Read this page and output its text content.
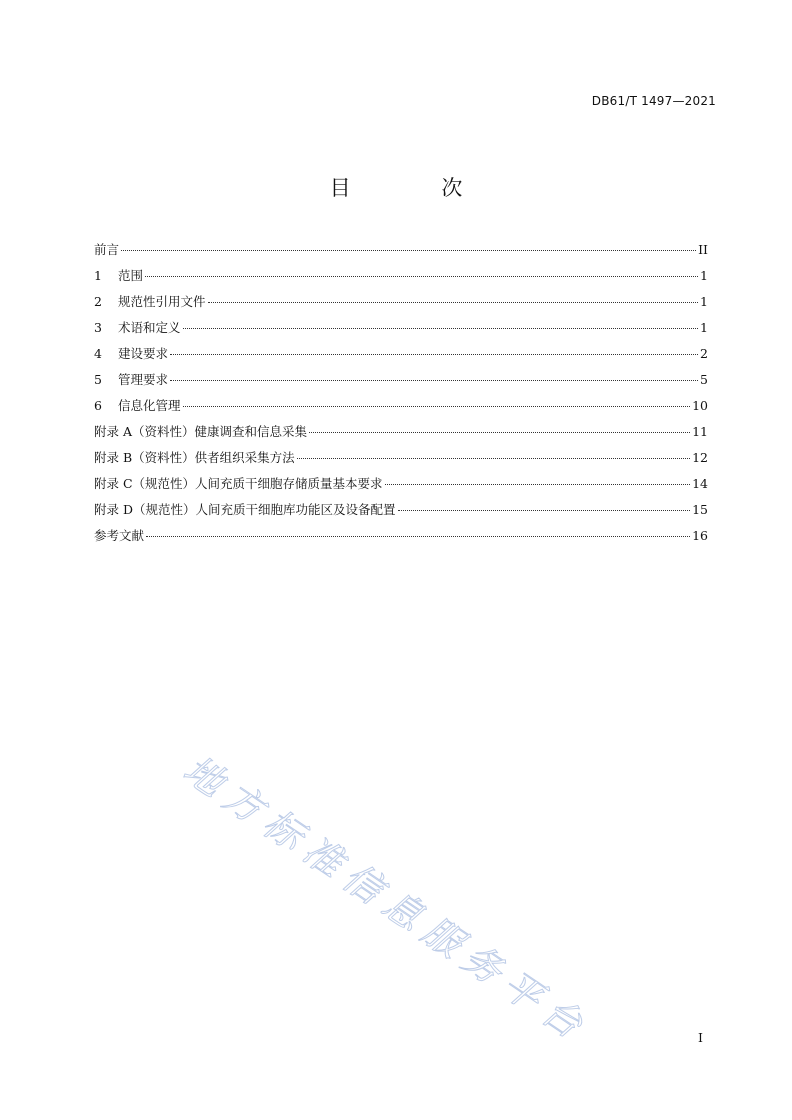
DB61/T 1497—2021
目 次
前言	II
1	范围	1
2	规范性引用文件	1
3	术语和定义	1
4	建设要求	2
5	管理要求	5
6	信息化管理	10
附录 A（资料性）健康调查和信息采集	11
附录 B（资料性）供者组织采集方法	12
附录 C（规范性）人间充质干细胞存储质量基本要求	14
附录 D（规范性）人间充质干细胞库功能区及设备配置	15
参考文献	16
地方标准信息服务平台	I
